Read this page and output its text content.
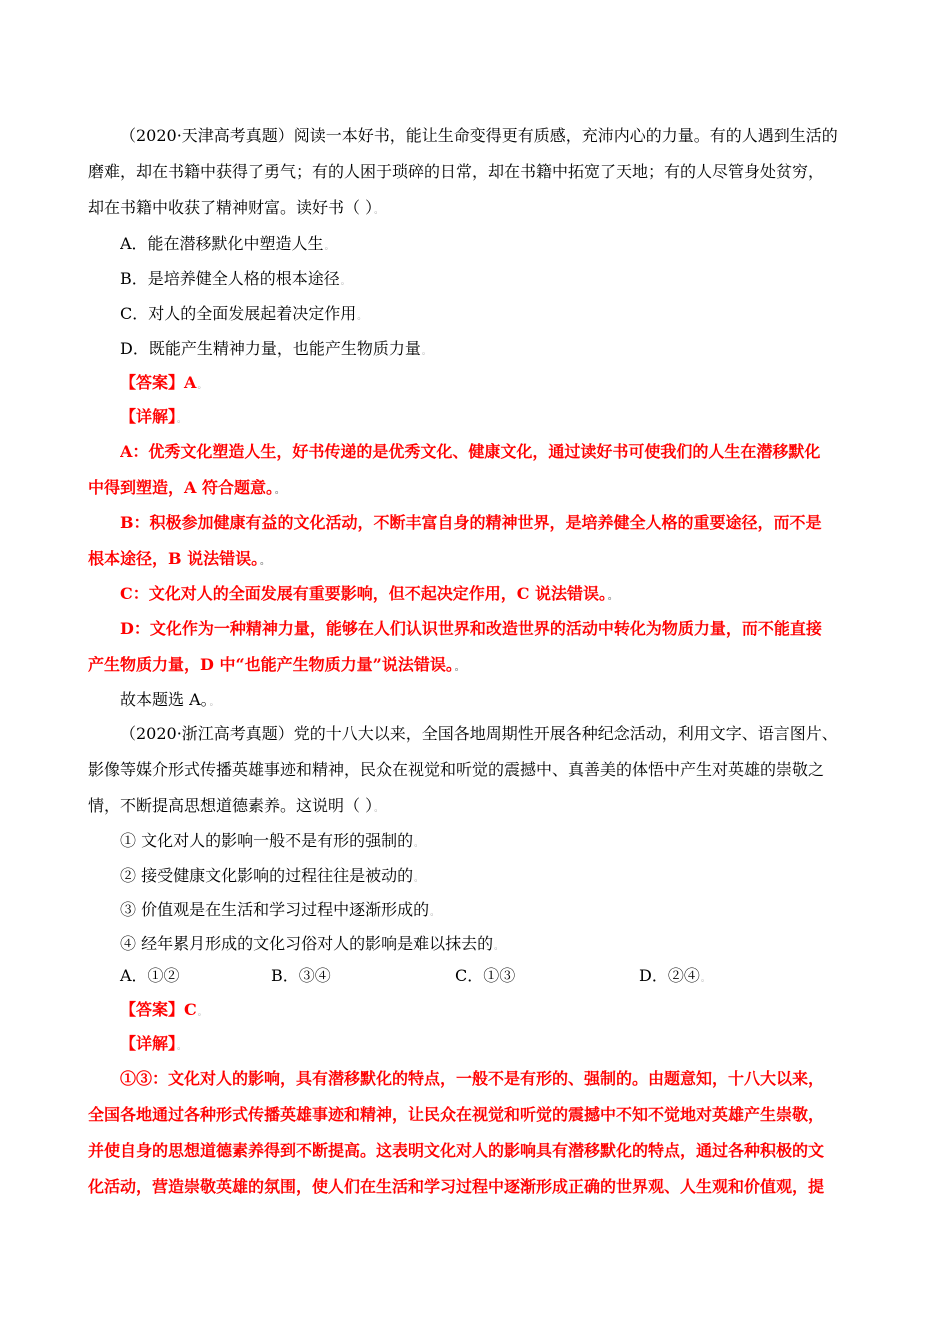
（2020·天津高考真题）阅读一本好书，能让生命变得更有质感，充沛内心的力量。有的人遇到生活的
磨难，却在书籍中获得了勇气；有的人困于琐碎的日常，却在书籍中拓宽了天地；有的人尽管身处贫穷，
却在书籍中收获了精神财富。读好书（ ）。
A．能在潜移默化中塑造人生。
B．是培养健全人格的根本途径。
C．对人的全面发展起着决定作用。
D．既能产生精神力量，也能产生物质力量。
【答案】A。
【详解】。
A：优秀文化塑造人生，好书传递的是优秀文化、健康文化，通过读好书可使我们的人生在潜移默化
中得到塑造，A 符合题意。。
B：积极参加健康有益的文化活动，不断丰富自身的精神世界，是培养健全人格的重要途径，而不是
根本途径，B 说法错误。。
C：文化对人的全面发展有重要影响，但不起决定作用，C 说法错误。。
D：文化作为一种精神力量，能够在人们认识世界和改造世界的活动中转化为物质力量，而不能直接
产生物质力量，D 中“也能产生物质力量”说法错误。。
故本题选 A。。
（2020·浙江高考真题）党的十八大以来，全国各地周期性开展各种纪念活动，利用文字、语言图片、
影像等媒介形式传播英雄事迹和精神，民众在视觉和听觉的震撼中、真善美的体悟中产生对英雄的崇敬之
情，不断提高思想道德素养。这说明（ ）。
① 文化对人的影响一般不是有形的强制的。
② 接受健康文化影响的过程往往是被动的。
③ 价值观是在生活和学习过程中逐渐形成的。
④ 经年累月形成的文化习俗对人的影响是难以抹去的。
A．①②	B．③④	C．①③	D．②④。
【答案】C。
【详解】。
①③：文化对人的影响，具有潜移默化的特点，一般不是有形的、强制的。由题意知，十八大以来，
全国各地通过各种形式传播英雄事迹和精神，让民众在视觉和听觉的震撼中不知不觉地对英雄产生崇敬，
并使自身的思想道德素养得到不断提高。这表明文化对人的影响具有潜移默化的特点，通过各种积极的文
化活动，营造崇敬英雄的氛围，使人们在生活和学习过程中逐渐形成正确的世界观、人生观和价值观，提
